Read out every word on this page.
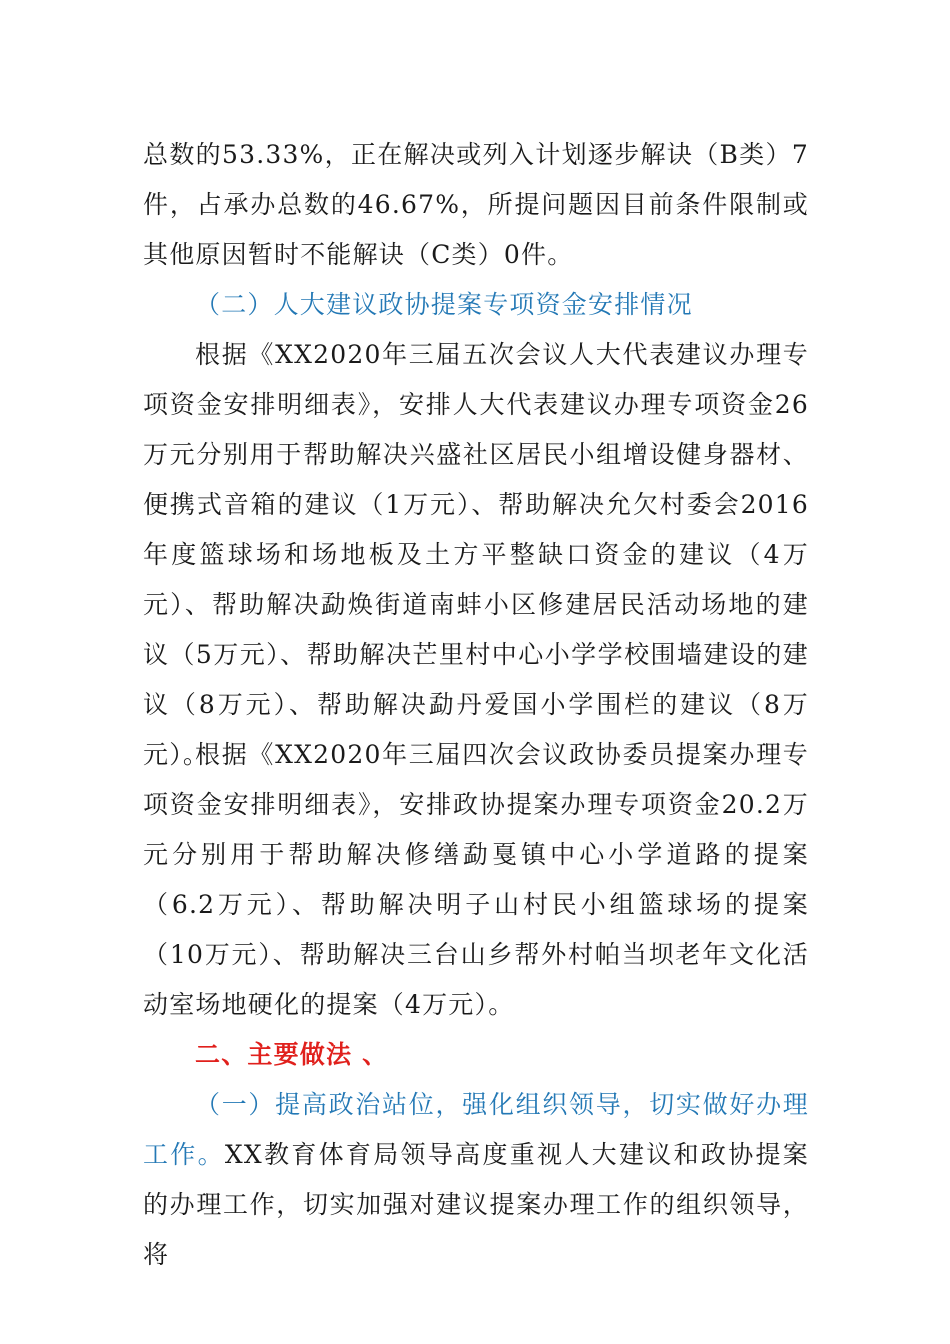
总数的53.33%，正在解决或列入计划逐步解诀（B类）7件，占承办总数的46.67%，所提问题因目前条件限制或其他原因暂时不能解诀（C类）0件。

（二）人大建议政协提案专项资金安排情况

根据《XX2020年三届五次会议人大代表建议办理专项资金安排明细表》，安排人大代表建议办理专项资金26万元分别用于帮助解决兴盛社区居民小组增设健身器材、便携式音箱的建议（1万元）、帮助解决允欠村委会2016年度篮球场和场地板及土方平整缺口资金的建议（4万元）、帮助解决勐焕街道南蚌小区修建居民活动场地的建议（5万元）、帮助解决芒里村中心小学学校围墙建设的建议（8万元）、帮助解决勐丹爱国小学围栏的建议（8万元）。

根据《XX2020年三届四次会议政协委员提案办理专项资金安排明细表》，安排政协提案办理专项资金20.2万元分别用于帮助解决修缮勐戛镇中心小学道路的提案（6.2万元）、帮助解决明子山村民小组篮球场的提案（10万元）、帮助解决三台山乡帮外村帕当坝老年文化活动室场地硬化的提案（4万元）。

二、主要做法 、

（一）提高政治站位，强化组织领导，切实做好办理工作。XX教育体育局领导高度重视人大建议和政协提案的办理工作，切实加强对建议提案办理工作的组织领导，将
